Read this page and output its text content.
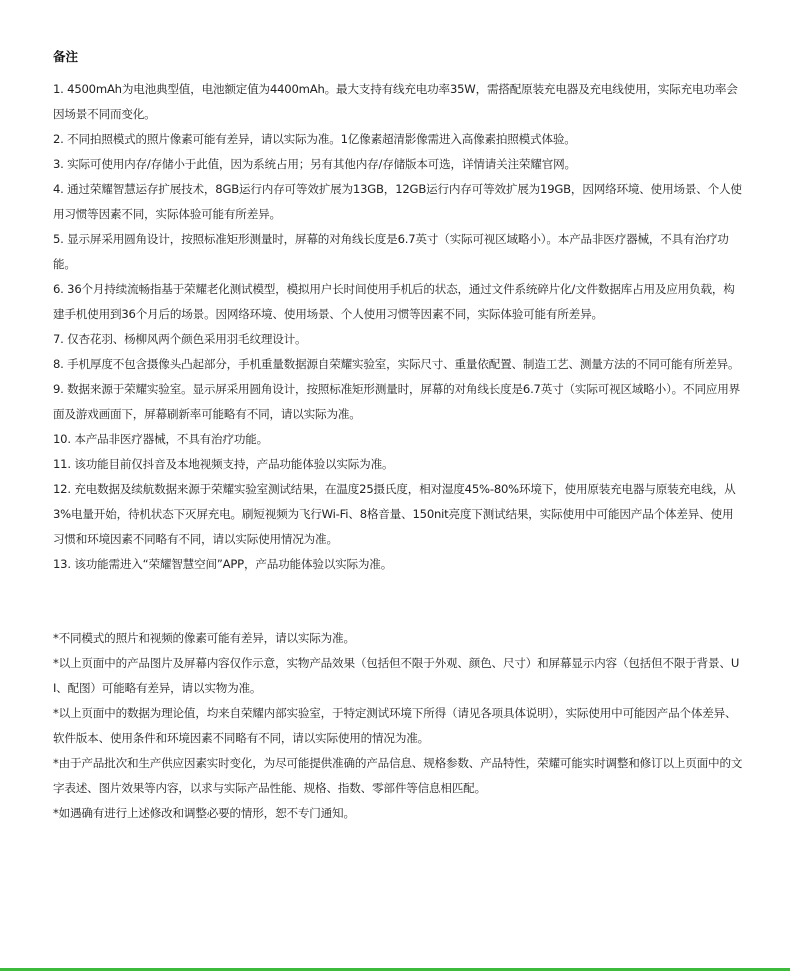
备注
1. 4500mAh为电池典型值，电池额定值为4400mAh。最大支持有线充电功率35W，需搭配原装充电器及充电线使用，实际充电功率会因场景不同而变化。
2. 不同拍照模式的照片像素可能有差异，请以实际为准。1亿像素超清影像需进入高像素拍照模式体验。
3. 实际可使用内存/存储小于此值，因为系统占用；另有其他内存/存储版本可选，详情请关注荣耀官网。
4. 通过荣耀智慧运存扩展技术，8GB运行内存可等效扩展为13GB，12GB运行内存可等效扩展为19GB，因网络环境、使用场景、个人使用习惯等因素不同，实际体验可能有所差异。
5. 显示屏采用圆角设计，按照标准矩形测量时，屏幕的对角线长度是6.7英寸（实际可视区域略小）。本产品非医疗器械，不具有治疗功能。
6. 36个月持续流畅指基于荣耀老化测试模型，模拟用户长时间使用手机后的状态，通过文件系统碎片化/文件数据库占用及应用负载，构建手机使用到36个月后的场景。因网络环境、使用场景、个人使用习惯等因素不同，实际体验可能有所差异。
7. 仅杏花羽、杨柳风两个颜色采用羽毛纹理设计。
8. 手机厚度不包含摄像头凸起部分，手机重量数据源自荣耀实验室，实际尺寸、重量依配置、制造工艺、测量方法的不同可能有所差异。
9. 数据来源于荣耀实验室。显示屏采用圆角设计，按照标准矩形测量时，屏幕的对角线长度是6.7英寸（实际可视区域略小）。不同应用界面及游戏画面下，屏幕刷新率可能略有不同，请以实际为准。
10. 本产品非医疗器械，不具有治疗功能。
11. 该功能目前仅抖音及本地视频支持，产品功能体验以实际为准。
12. 充电数据及续航数据来源于荣耀实验室测试结果，在温度25摄氏度，相对湿度45%-80%环境下，使用原装充电器与原装充电线，从3%电量开始，待机状态下灭屏充电。刷短视频为飞行Wi-Fi、8格音量、150nit亮度下测试结果，实际使用中可能因产品个体差异、使用习惯和环境因素不同略有不同，请以实际使用情况为准。
13. 该功能需进入“荣耀智慧空间”APP，产品功能体验以实际为准。
*不同模式的照片和视频的像素可能有差异，请以实际为准。
*以上页面中的产品图片及屏幕内容仅作示意，实物产品效果（包括但不限于外观、颜色、尺寸）和屏幕显示内容（包括但不限于背景、UI、配图）可能略有差异，请以实物为准。
*以上页面中的数据为理论值，均来自荣耀内部实验室，于特定测试环境下所得（请见各项具体说明），实际使用中可能因产品个体差异、软件版本、使用条件和环境因素不同略有不同，请以实际使用的情况为准。
*由于产品批次和生产供应因素实时变化，为尽可能提供准确的产品信息、规格参数、产品特性，荣耀可能实时调整和修订以上页面中的文字表述、图片效果等内容，以求与实际产品性能、规格、指数、零部件等信息相匹配。
*如遇确有进行上述修改和调整必要的情形，恕不专门通知。
